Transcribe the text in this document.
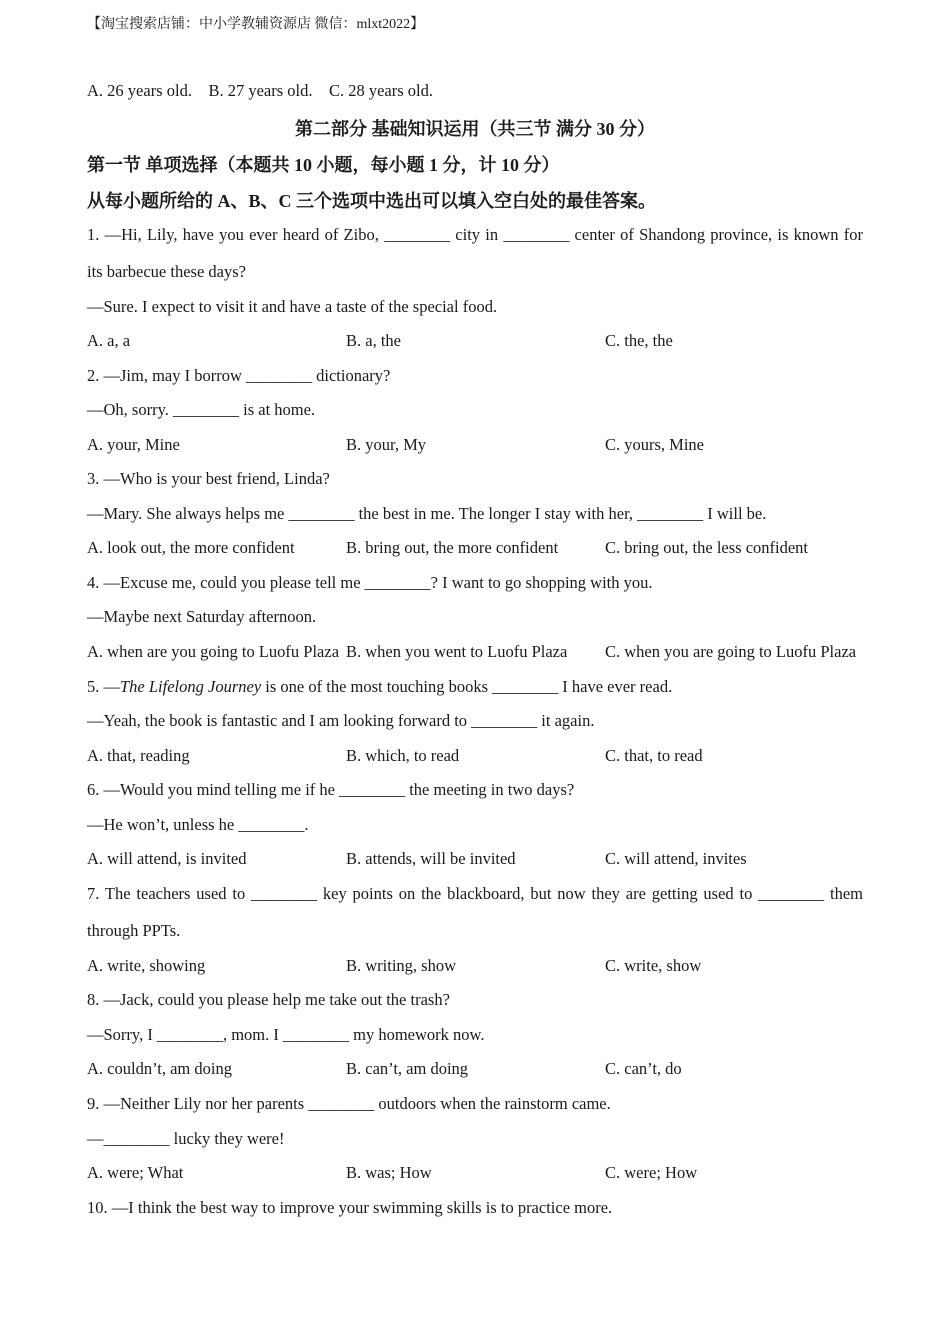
【淘宝搜索店铺：中小学教辅资源店 微信：mlxt2022】
A. 26 years old.    B. 27 years old.    C. 28 years old.
第二部分 基础知识运用（共三节 满分 30 分）
第一节 单项选择（本题共 10 小题，每小题 1 分，计 10 分）
从每小题所给的 A、B、C 三个选项中选出可以填入空白处的最佳答案。
1. —Hi, Lily, have you ever heard of Zibo, ________ city in ________ center of Shandong province, is known for
its barbecue these days?
—Sure. I expect to visit it and have a taste of the special food.
A. a, a	B. a, the	C. the, the
2. —Jim, may I borrow ________ dictionary?
—Oh, sorry. ________ is at home.
A. your, Mine	B. your, My	C. yours, Mine
3. —Who is your best friend, Linda?
—Mary. She always helps me ________ the best in me. The longer I stay with her, ________ I will be.
A. look out, the more confident	B. bring out, the more confident	C. bring out, the less confident
4. —Excuse me, could you please tell me ________? I want to go shopping with you.
—Maybe next Saturday afternoon.
A. when are you going to Luofu Plaza B. when you went to Luofu Plaza	C. when you are going to Luofu Plaza
5. —The Lifelong Journey is one of the most touching books ________ I have ever read.
—Yeah, the book is fantastic and I am looking forward to ________ it again.
A. that, reading	B. which, to read	C. that, to read
6. —Would you mind telling me if he ________ the meeting in two days?
—He won’t, unless he ________.
A. will attend, is invited	B. attends, will be invited	C. will attend, invites
7. The teachers used to ________ key points on the blackboard, but now they are getting used to ________ them
through PPTs.
A. write, showing	B. writing, show	C. write, show
8. —Jack, could you please help me take out the trash?
—Sorry, I ________, mom. I ________ my homework now.
A. couldn’t, am doing	B. can’t, am doing	C. can’t, do
9. —Neither Lily nor her parents ________ outdoors when the rainstorm came.
—________ lucky they were!
A. were; What	B. was; How	C. were; How
10. —I think the best way to improve your swimming skills is to practice more.
